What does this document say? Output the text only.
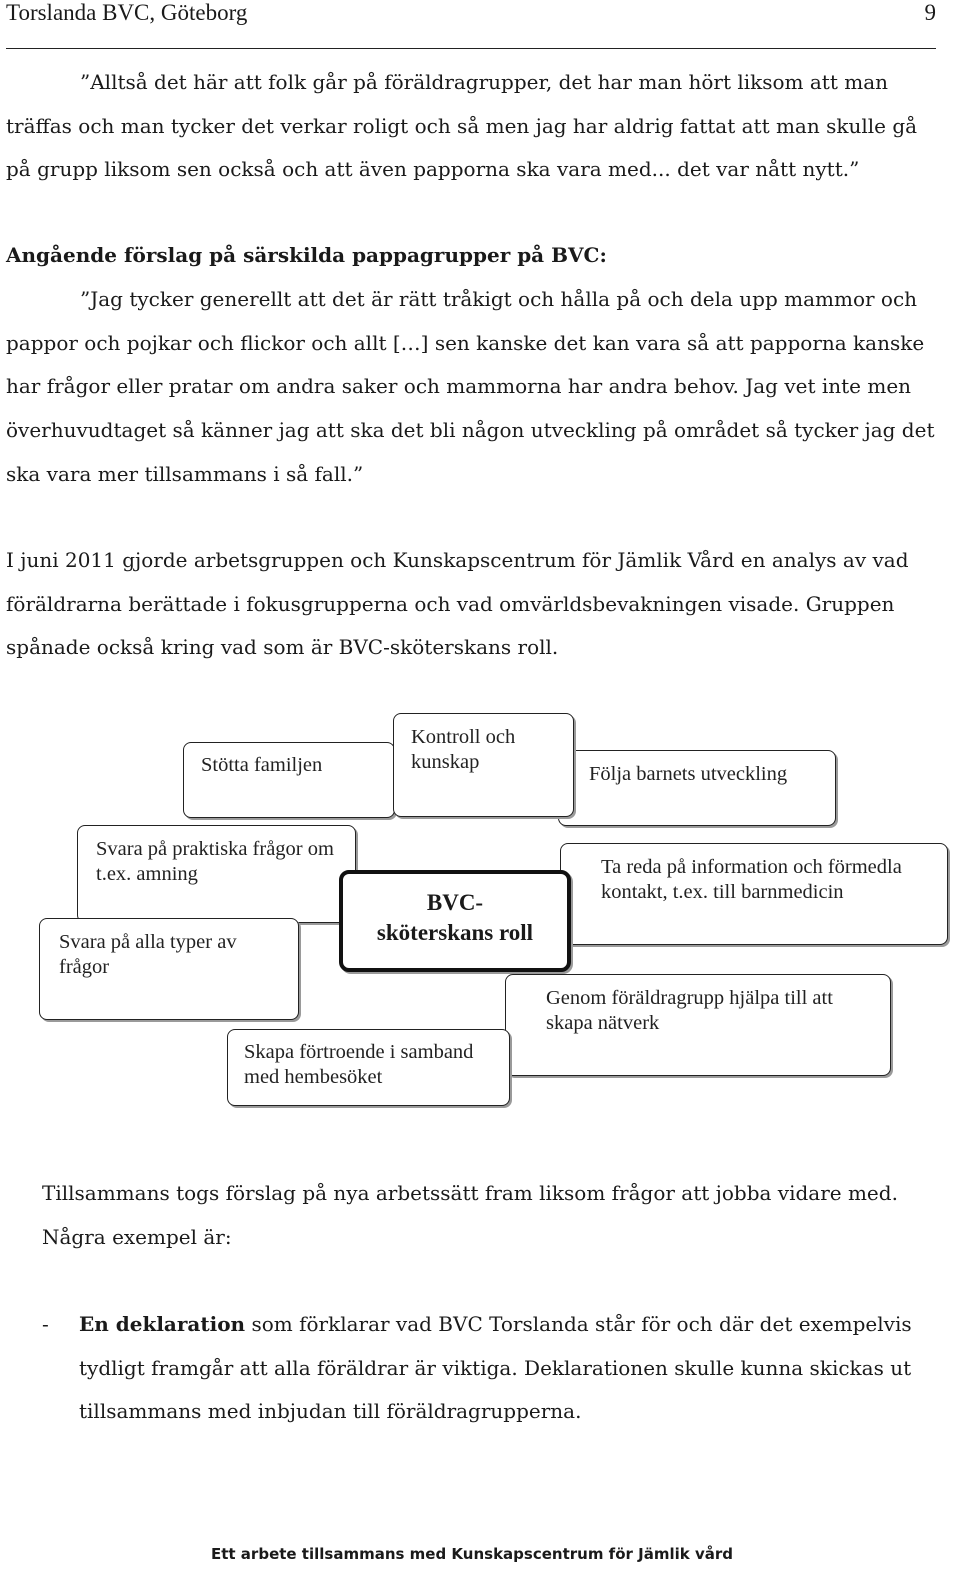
Torslanda BVC, Göteborg	9
”Alltså det här att folk går på föräldragrupper, det har man hört liksom att man träffas och man tycker det verkar roligt och så men jag har aldrig fattat att man skulle gå på grupp liksom sen också och att även papporna ska vara med... det var nått nytt.”
Angående förslag på särskilda pappagrupper på BVC:
”Jag tycker generellt att det är rätt tråkigt och hålla på och dela upp mammor och pappor och pojkar och flickor och allt […] sen kanske det kan vara så att papporna kanske har frågor eller pratar om andra saker och mammorna har andra behov. Jag vet inte men överhuvudtaget så känner jag att ska det bli någon utveckling på området så tycker jag det ska vara mer tillsammans i så fall.”
I juni 2011 gjorde arbetsgruppen och Kunskapscentrum för Jämlik Vård en analys av vad föräldrarna berättade i fokusgrupperna och vad omvärldsbevakningen visade. Gruppen spånade också kring vad som är BVC-sköterskans roll.
Stötta familjen	Följa barnets utveckling
Kontroll och kunskap
Svara på praktiska frågor om t.ex. amning	Ta reda på information och förmedla kontakt, t.ex. till barnmedicin
Svara på alla typer av frågor
Genom föräldragrupp hjälpa till att skapa nätverk
Skapa förtroende i samband med hembesöket
BVC-
sköterskans roll
Tillsammans togs förslag på nya arbetssätt fram liksom frågor att jobba vidare med. Några exempel är:
- En deklaration som förklarar vad BVC Torslanda står för och där det exempelvis tydligt framgår att alla föräldrar är viktiga. Deklarationen skulle kunna skickas ut tillsammans med inbjudan till föräldragrupperna.
Ett arbete tillsammans med Kunskapscentrum för Jämlik vård
